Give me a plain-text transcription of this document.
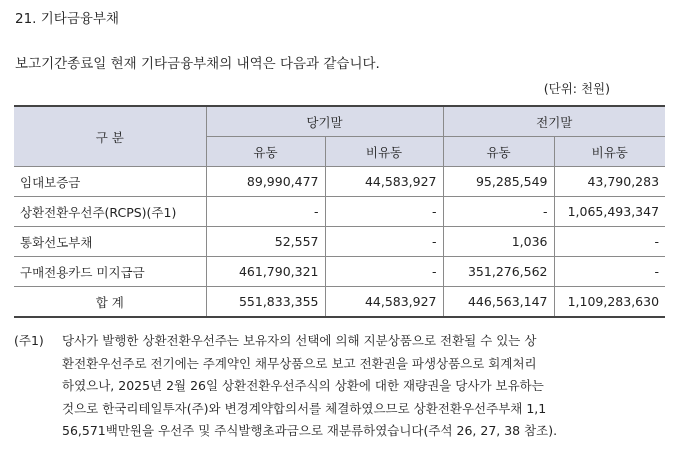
21. 기타금융부채
보고기간종료일 현재 기타금융부채의 내역은 다음과 같습니다.
(단위: 천원)
구 분	당기말		전기말	
	유동	비유동	유동	비유동
임대보증금	89,990,477	44,583,927	95,285,549	43,790,283
상환전환우선주(RCPS)(주1)	-	-	-	1,065,493,347
통화선도부채	52,557	-	1,036	-
구매전용카드 미지급금	461,790,321	-	351,276,562	-
합 계	551,833,355	44,583,927	446,563,147	1,109,283,630
(주1)	당사가 발행한 상환전환우선주는 보유자의 선택에 의해 지분상품으로 전환될 수 있는 상
환전환우선주로 전기에는 주계약인 채무상품으로 보고 전환권을 파생상품으로 회계처리
하였으나, 2025년 2월 26일 상환전환우선주식의 상환에 대한 재량권을 당사가 보유하는
것으로 한국리테일투자(주)와 변경계약합의서를 체결하였으므로 상환전환우선주부채 1,1
56,571백만원을 우선주 및 주식발행초과금으로 재분류하였습니다(주석 26, 27, 38 참조).
